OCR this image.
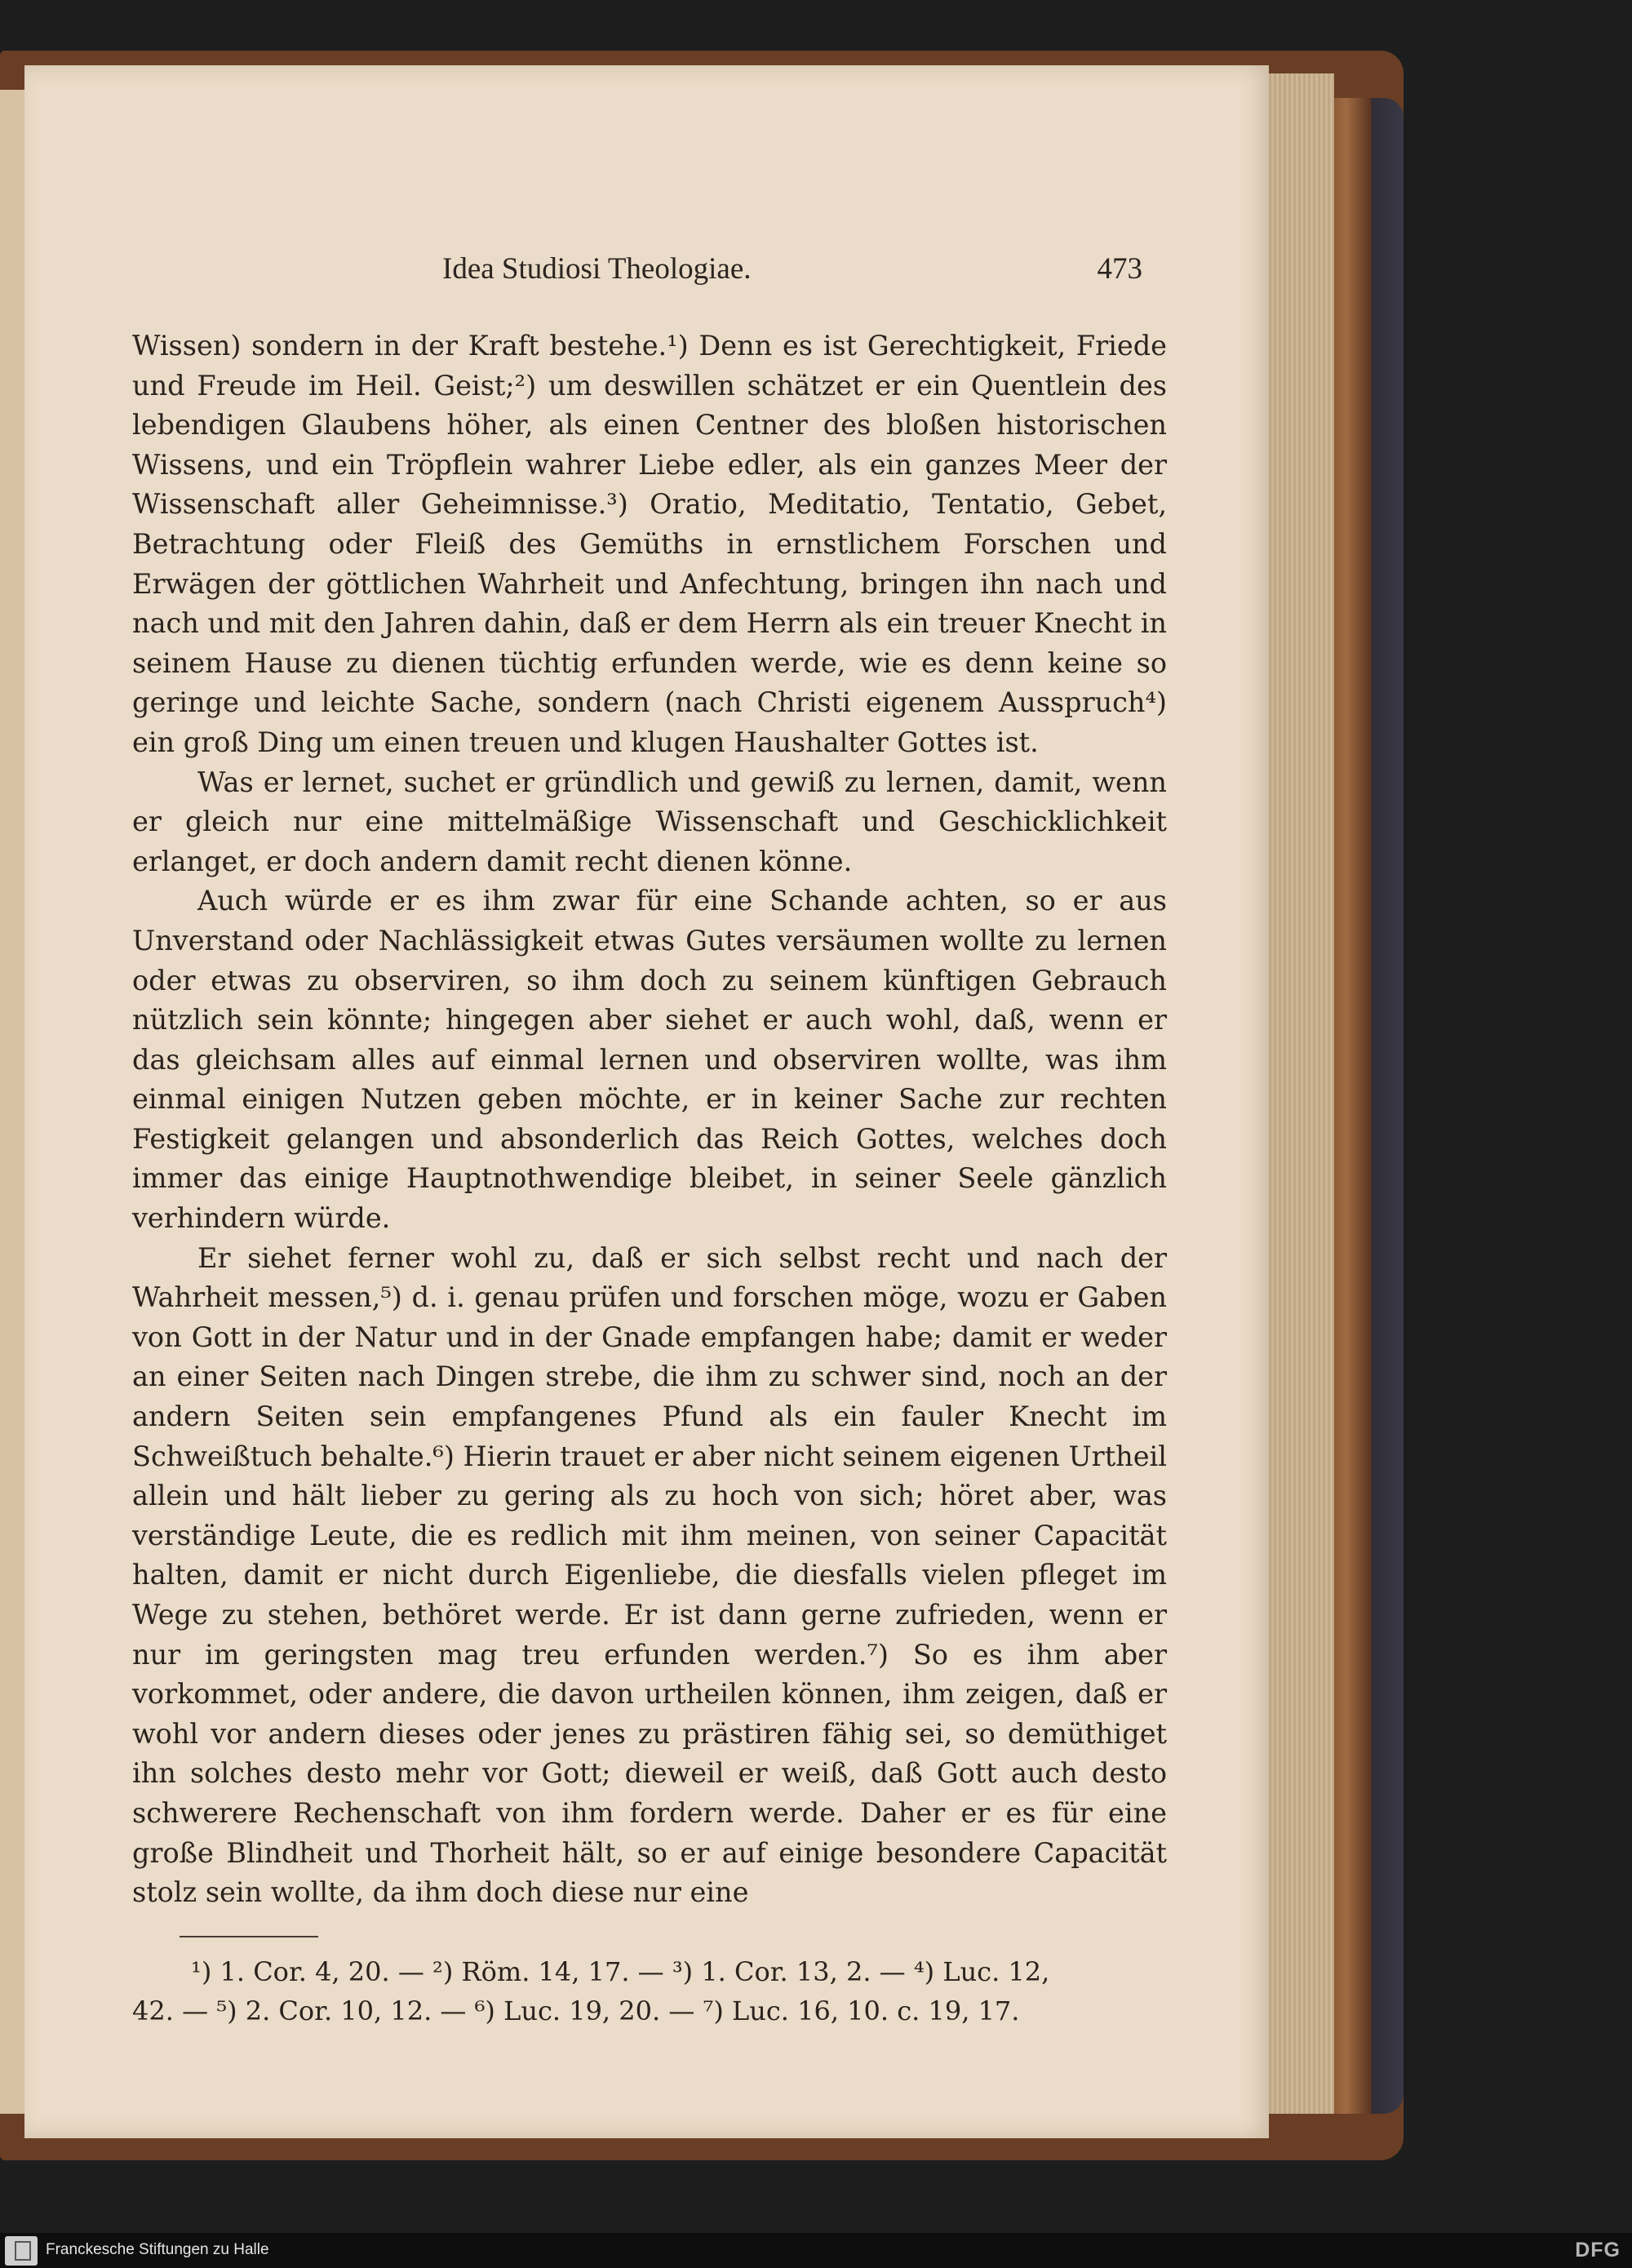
Idea Studiosi Theologiae.	473

Wissen) sondern in der Kraft bestehe.¹) Denn es ist Gerechtigkeit, Friede und Freude im Heil. Geist;²) um deswillen schätzet er ein Quentlein des lebendigen Glaubens höher, als einen Centner des bloßen historischen Wissens, und ein Tröpflein wahrer Liebe edler, als ein ganzes Meer der Wissenschaft aller Geheimnisse.³) Oratio, Meditatio, Tentatio, Gebet, Betrachtung oder Fleiß des Gemüths in ernstlichem Forschen und Erwägen der göttlichen Wahrheit und Anfechtung, bringen ihn nach und nach und mit den Jahren dahin, daß er dem Herrn als ein treuer Knecht in seinem Hause zu dienen tüchtig erfunden werde, wie es denn keine so geringe und leichte Sache, sondern (nach Christi eigenem Ausspruch⁴) ein groß Ding um einen treuen und klugen Haushalter Gottes ist.

Was er lernet, suchet er gründlich und gewiß zu lernen, damit, wenn er gleich nur eine mittelmäßige Wissenschaft und Geschicklichkeit erlanget, er doch andern damit recht dienen könne.

Auch würde er es ihm zwar für eine Schande achten, so er aus Unverstand oder Nachlässigkeit etwas Gutes versäumen wollte zu lernen oder etwas zu observiren, so ihm doch zu seinem künftigen Gebrauch nützlich sein könnte; hingegen aber siehet er auch wohl, daß, wenn er das gleichsam alles auf einmal lernen und observiren wollte, was ihm einmal einigen Nutzen geben möchte, er in keiner Sache zur rechten Festigkeit gelangen und absonderlich das Reich Gottes, welches doch immer das einige Hauptnothwendige bleibet, in seiner Seele gänzlich verhindern würde.

Er siehet ferner wohl zu, daß er sich selbst recht und nach der Wahrheit messen,⁵) d. i. genau prüfen und forschen möge, wozu er Gaben von Gott in der Natur und in der Gnade empfangen habe; damit er weder an einer Seiten nach Dingen strebe, die ihm zu schwer sind, noch an der andern Seiten sein empfangenes Pfund als ein fauler Knecht im Schweißtuch behalte.⁶) Hierin trauet er aber nicht seinem eigenen Urtheil allein und hält lieber zu gering als zu hoch von sich; höret aber, was verständige Leute, die es redlich mit ihm meinen, von seiner Capacität halten, damit er nicht durch Eigenliebe, die diesfalls vielen pfleget im Wege zu stehen, bethöret werde. Er ist dann gerne zufrieden, wenn er nur im geringsten mag treu erfunden werden.⁷) So es ihm aber vorkommet, oder andere, die davon urtheilen können, ihm zeigen, daß er wohl vor andern dieses oder jenes zu prästiren fähig sei, so demüthiget ihn solches desto mehr vor Gott; dieweil er weiß, daß Gott auch desto schwerere Rechenschaft von ihm fordern werde. Daher er es für eine große Blindheit und Thorheit hält, so er auf einige besondere Capacität stolz sein wollte, da ihm doch diese nur eine

¹) 1. Cor. 4, 20. — ²) Röm. 14, 17. — ³) 1. Cor. 13, 2. — ⁴) Luc. 12,

42. — ⁵) 2. Cor. 10, 12. — ⁶) Luc. 19, 20. — ⁷) Luc. 16, 10. c. 19, 17.

Franckesche Stiftungen zu Halle	DFG
